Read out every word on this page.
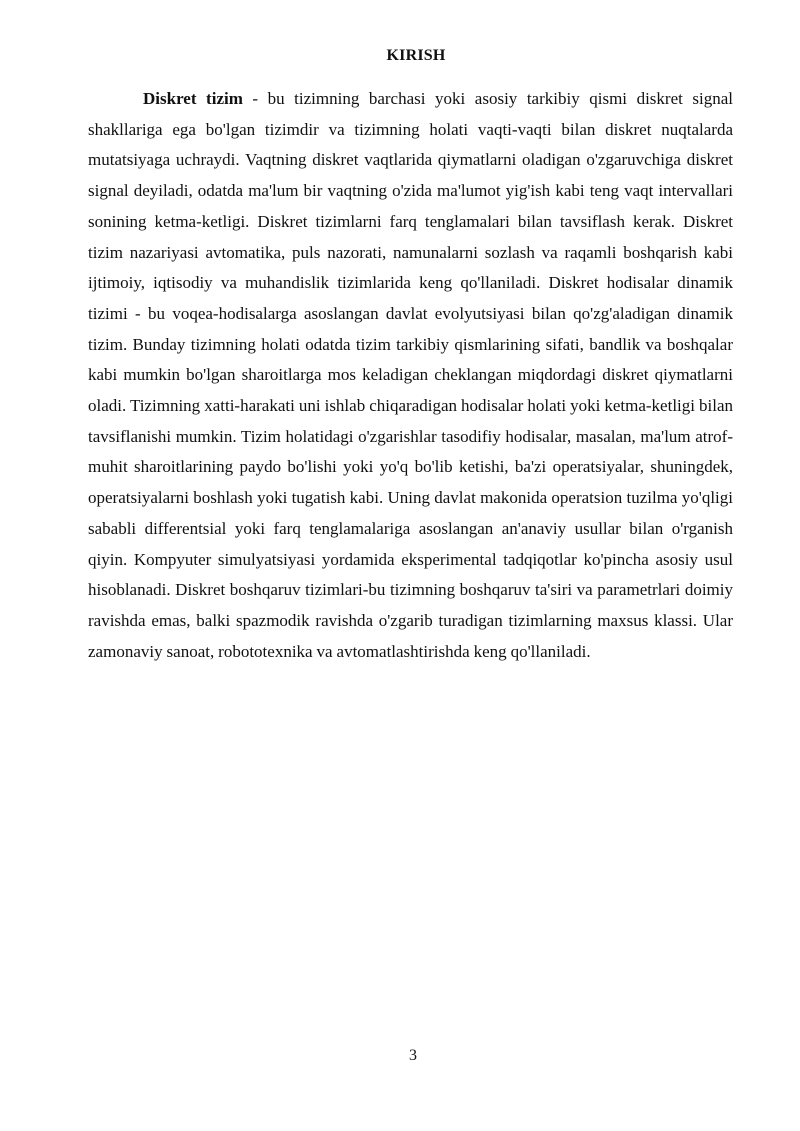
KIRISH

Diskret tizim - bu tizimning barchasi yoki asosiy tarkibiy qismi diskret signal shakllariga ega bo'lgan tizimdir va tizimning holati vaqti-vaqti bilan diskret nuqtalarda mutatsiyaga uchraydi. Vaqtning diskret vaqtlarida qiymatlarni oladigan o'zgaruvchiga diskret signal deyiladi, odatda ma'lum bir vaqtning o'zida ma'lumot yig'ish kabi teng vaqt intervallari sonining ketma-ketligi. Diskret tizimlarni farq tenglamalari bilan tavsiflash kerak. Diskret tizim nazariyasi avtomatika, puls nazorati, namunalarni sozlash va raqamli boshqarish kabi ijtimoiy, iqtisodiy va muhandislik tizimlarida keng qo'llaniladi. Diskret hodisalar dinamik tizimi - bu voqea-hodisalarga asoslangan davlat evolyutsiyasi bilan qo'zg'aladigan dinamik tizim. Bunday tizimning holati odatda tizim tarkibiy qismlarining sifati, bandlik va boshqalar kabi mumkin bo'lgan sharoitlarga mos keladigan cheklangan miqdordagi diskret qiymatlarni oladi. Tizimning xatti-harakati uni ishlab chiqaradigan hodisalar holati yoki ketma-ketligi bilan tavsiflanishi mumkin. Tizim holatidagi o'zgarishlar tasodifiy hodisalar, masalan, ma'lum atrof-muhit sharoitlarining paydo bo'lishi yoki yo'q bo'lib ketishi, ba'zi operatsiyalar, shuningdek, operatsiyalarni boshlash yoki tugatish kabi. Uning davlat makonida operatsion tuzilma yo'qligi sababli differentsial yoki farq tenglamalariga asoslangan an'anaviy usullar bilan o'rganish qiyin. Kompyuter simulyatsiyasi yordamida eksperimental tadqiqotlar ko'pincha asosiy usul hisoblanadi. Diskret boshqaruv tizimlari-bu tizimning boshqaruv ta'siri va parametrlari doimiy ravishda emas, balki spazmodik ravishda o'zgarib turadigan tizimlarning maxsus klassi. Ular zamonaviy sanoat, robototexnika va avtomatlashtirishda keng qo'llaniladi.

3
